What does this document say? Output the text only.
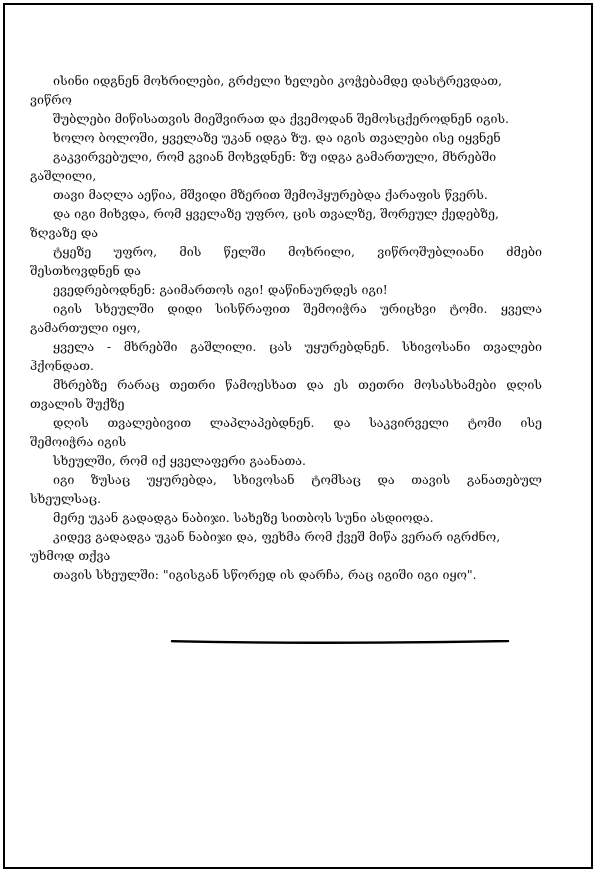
ისინი იდგნენ მოხრილები, გრძელი ხელები კოჭებამდე დასტრევდათ,
ვიწრო
შუბლები მიწისათვის მიეშვირათ და ქვემოდან შემოსცქეროდნენ იგის.
ხოლო ბოლოში, ყველაზე უკან იდგა ზუ. და იგის თვალები ისე იყვნენ
გაკვირვებული, რომ გვიან მოხვდნენ: ზუ იდგა გამართული, მხრებში
გაშლილი,
თავი მაღლა აეწია, მშვიდი მზერით შემოჰყურებდა ქარაფის წვერს.
და იგი მიხვდა, რომ ყველაზე უფრო, ცის თვალზე, შორეულ ქედებზე,
ზღვაზე და
ტყეზე უფრო, მის წელში მოხრილი, ვიწროშუბლიანი ძმები
შესთხოვდნენ და
ევედრებოდნენ: გაიმართოს იგი! დაწინაურდეს იგი!
იგის სხეულში დიდი სისწრაფით შემოიჭრა ურიცხვი ტომი. ყველა
გამართული იყო,
ყველა - მხრებში გაშლილი. ცას უყურებდნენ. სხივოსანი თვალები
ჰქონდათ.
მხრებზე რარაც თეთრი წამოესხათ და ეს თეთრი მოსასხამები დღის
თვალის შუქზე
დღის თვალებივით ლაპლაპებდნენ. და საკვირველი ტომი ისე
შემოიჭრა იგის
სხეულში, რომ იქ ყველაფერი გაანათა.
იგი ზუსაც უყურებდა, სხივოსან ტომსაც და თავის განათებულ
სხეულსაც.
მერე უკან გადადგა ნაბიჯი. სახეზე სითბოს სუნი ასდიოდა.
კიდევ გადადგა უკან ნაბიჯი და, ფეხმა რომ ქვეშ მიწა ვერარ იგრძნო,
უხმოდ თქვა
თავის სხეულში: "იგისგან სწორედ ის დარჩა, რაც იგიში იგი იყო".
